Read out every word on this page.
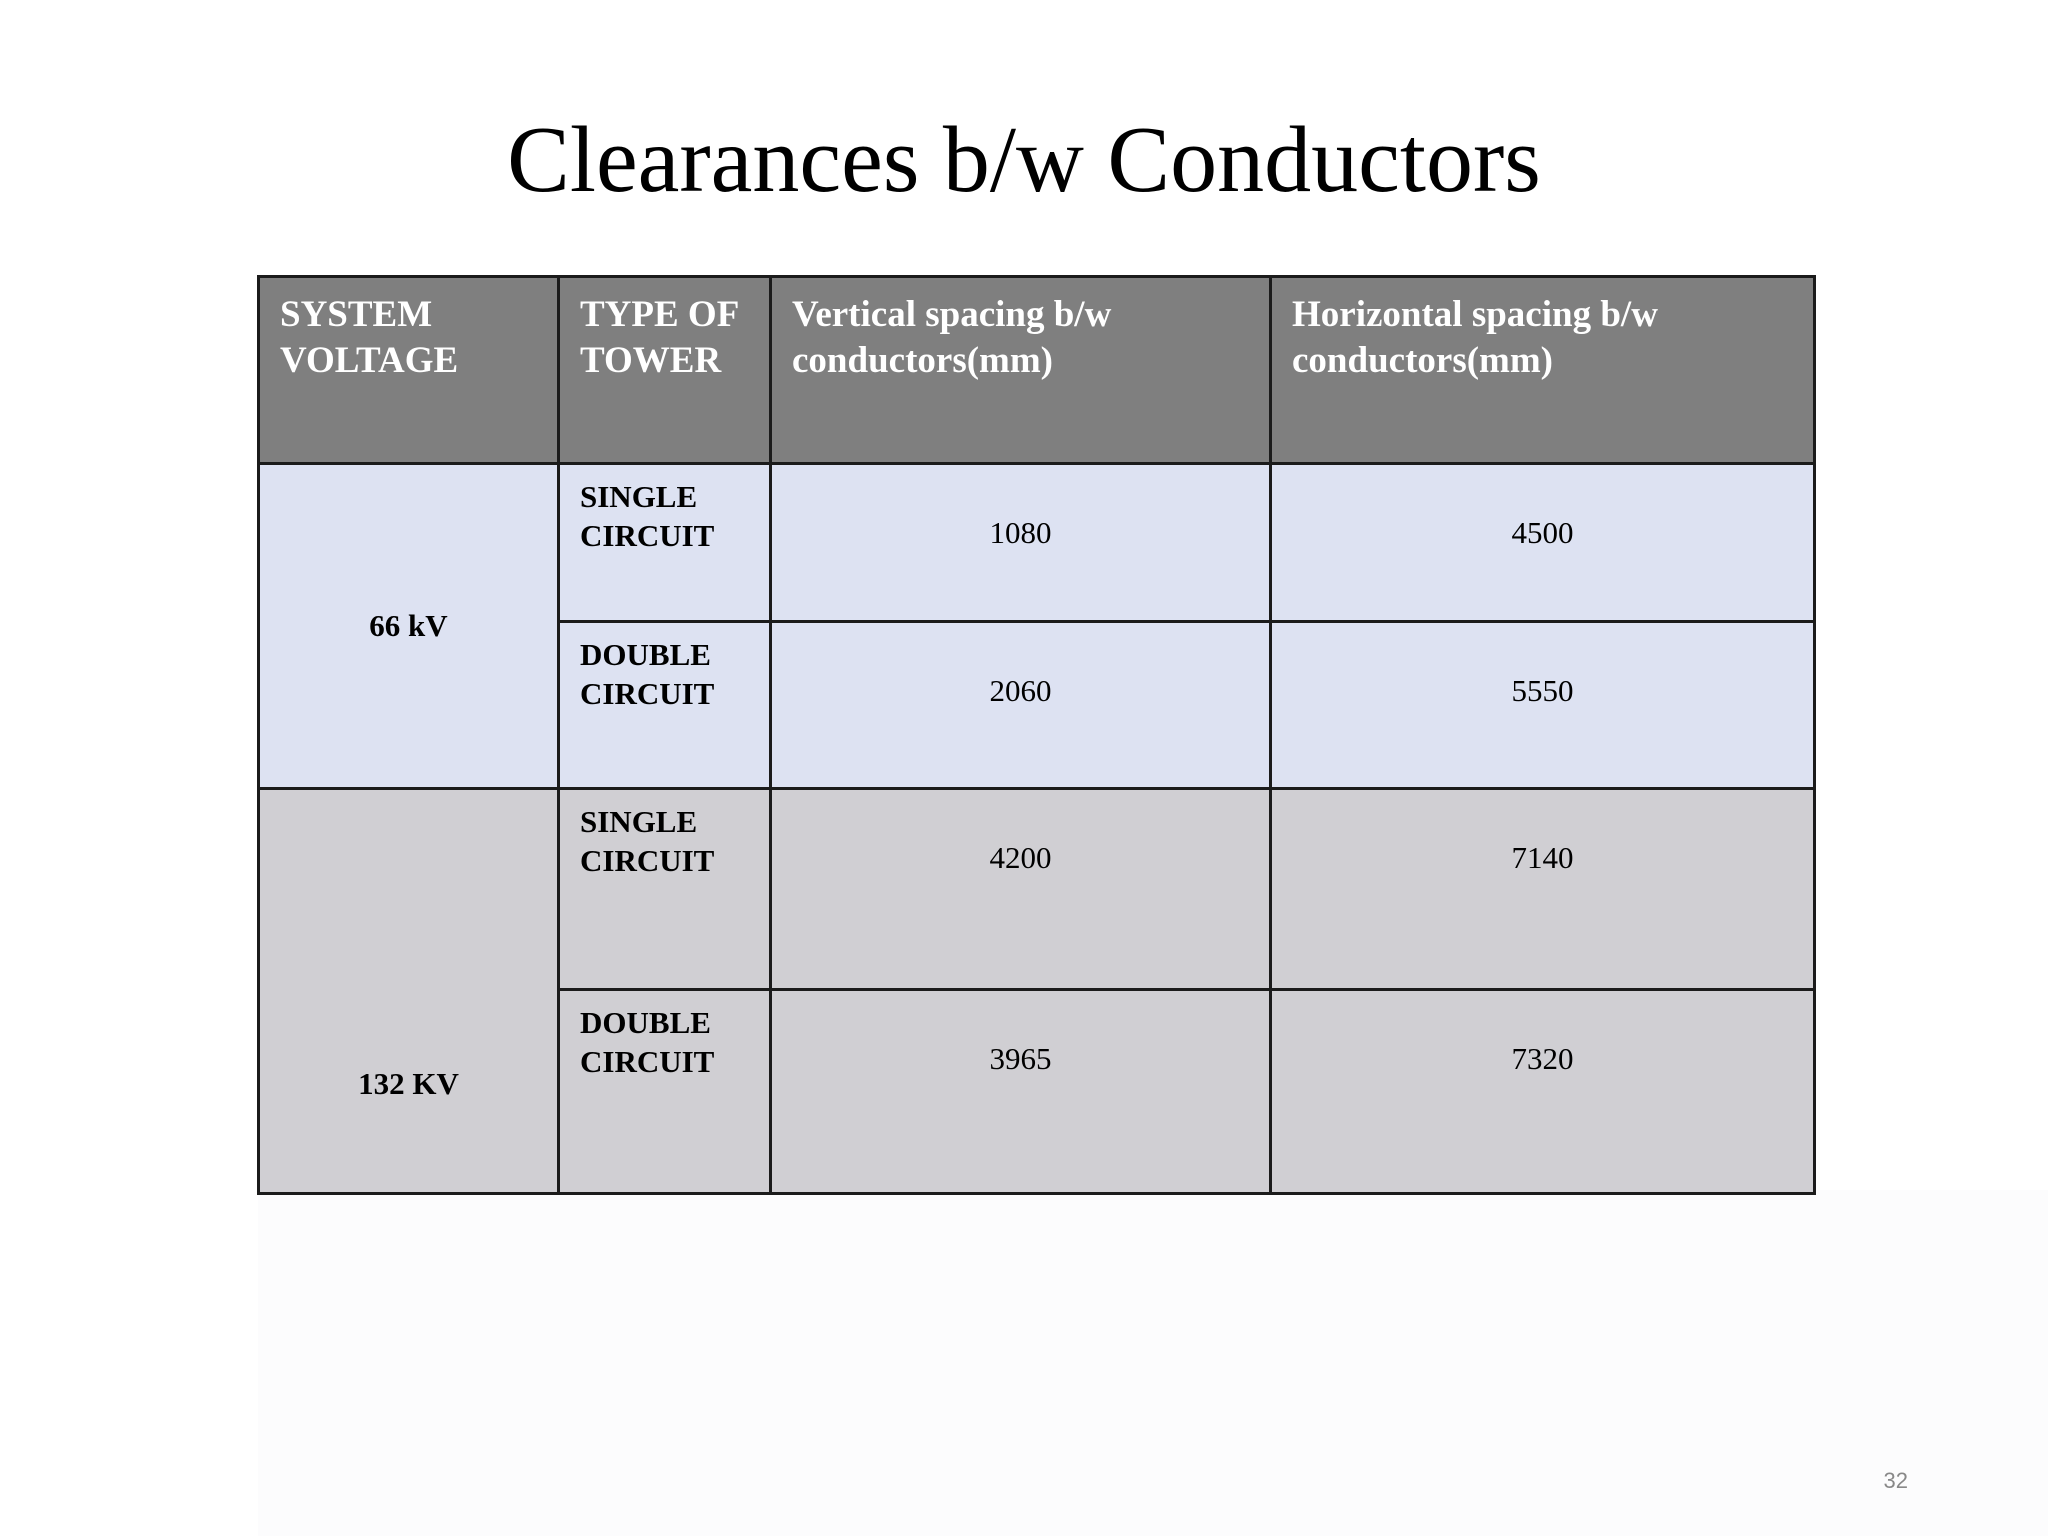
Clearances b/w Conductors
SYSTEM VOLTAGE	TYPE OF TOWER	Vertical spacing b/w conductors(mm)	Horizontal spacing b/w conductors(mm)
66 kV	SINGLE CIRCUIT	1080	4500

	DOUBLE CIRCUIT	2060	5550

132 KV	SINGLE CIRCUIT	4200	7140

	DOUBLE CIRCUIT	3965	7320
32
